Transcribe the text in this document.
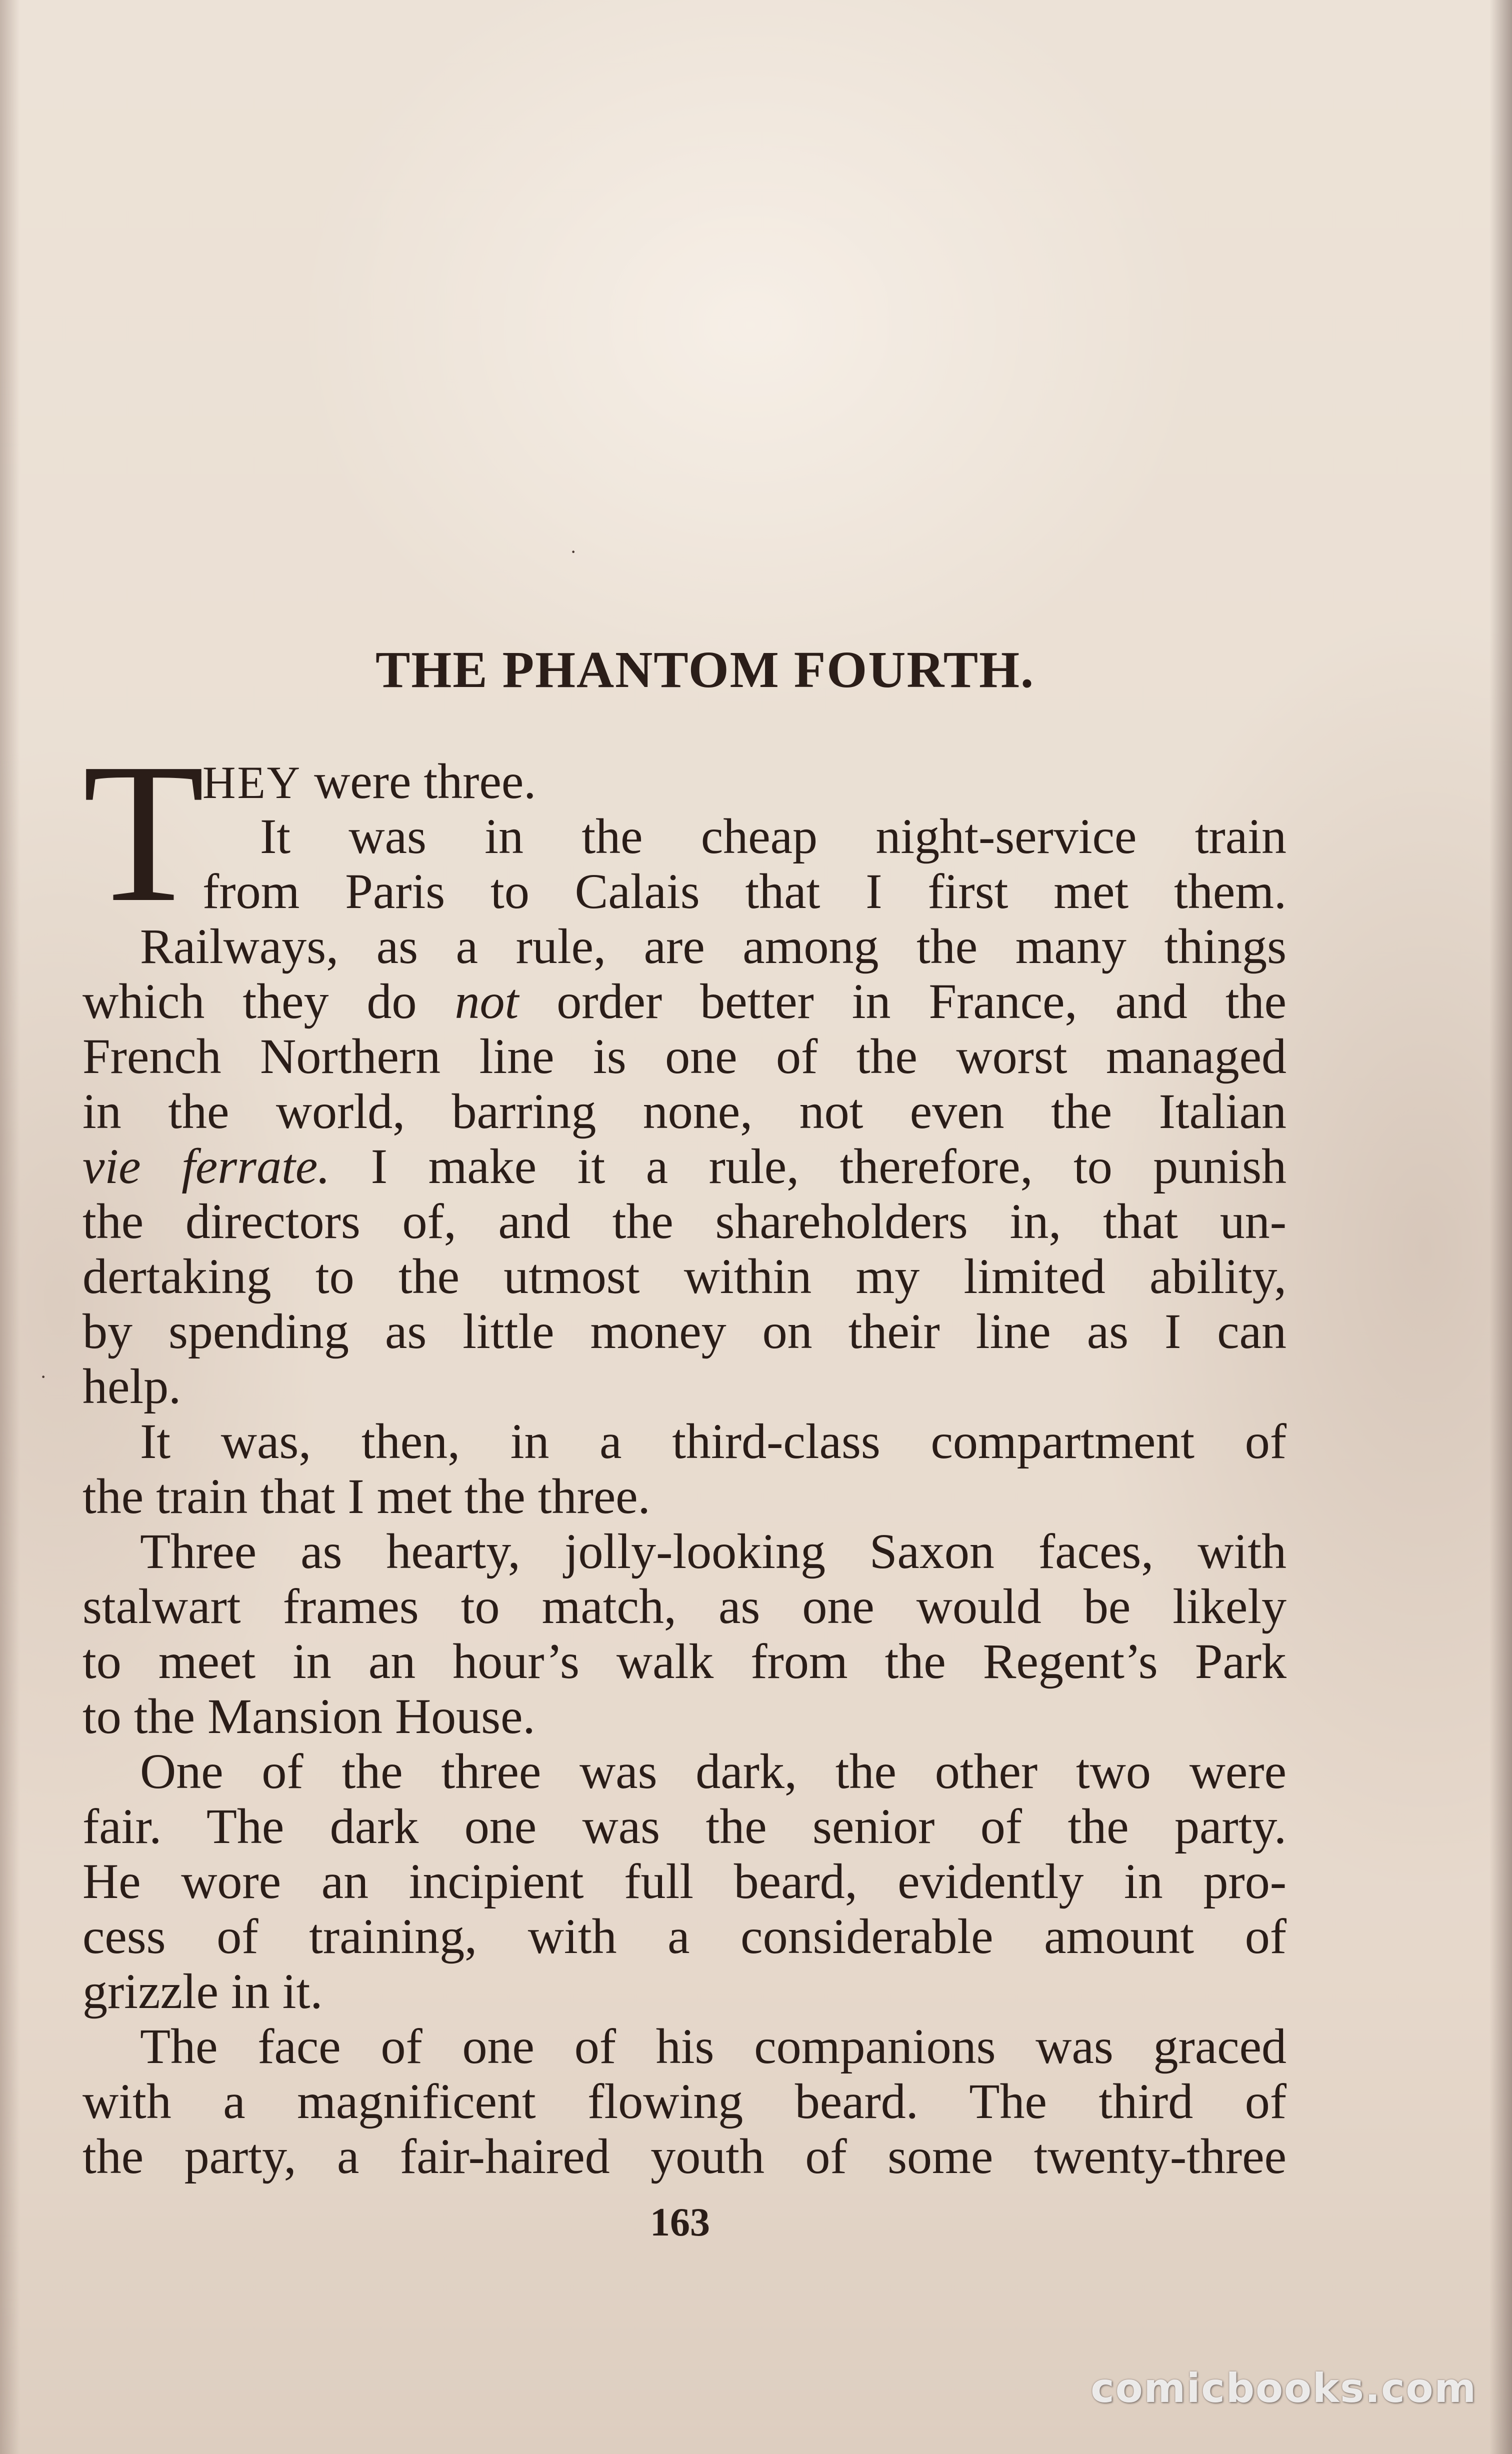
·
·
THE PHANTOM FOURTH.
T
HEY were three.
It was in the cheap night-service train
from Paris to Calais that I first met them.
Railways, as a rule, are among the many things
which they do not order better in France, and the
French Northern line is one of the worst managed
in the world, barring none, not even the Italian
vie ferrate. I make it a rule, therefore, to punish
the directors of, and the shareholders in, that un-
dertaking to the utmost within my limited ability,
by spending as little money on their line as I can
help.
It was, then, in a third-class compartment of
the train that I met the three.
Three as hearty, jolly-looking Saxon faces, with
stalwart frames to match, as one would be likely
to meet in an hour’s walk from the Regent’s Park
to the Mansion House.
One of the three was dark, the other two were
fair. The dark one was the senior of the party.
He wore an incipient full beard, evidently in pro-
cess of training, with a considerable amount of
grizzle in it.
The face of one of his companions was graced
with a magnificent flowing beard. The third of
the party, a fair-haired youth of some twenty-three
163
comicbooks.com
